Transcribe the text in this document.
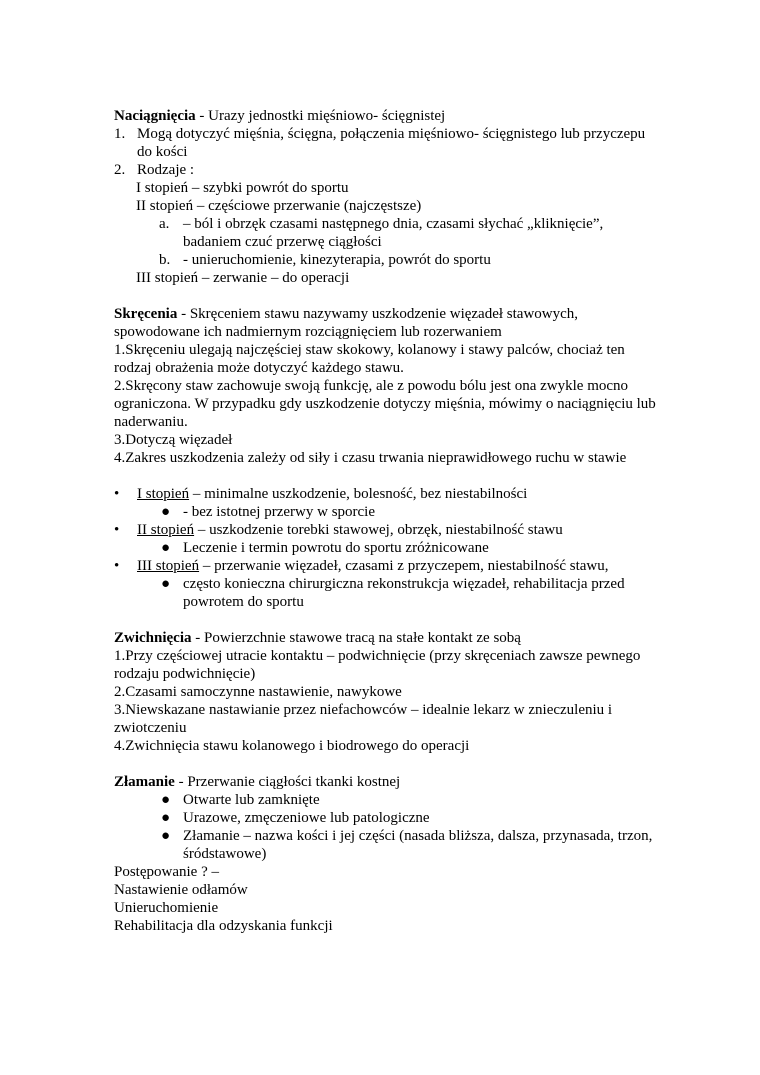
Naciągnięcia - Urazy jednostki mięśniowo- ścięgnistej
1. Mogą dotyczyć mięśnia, ścięgna, połączenia mięśniowo- ścięgnistego lub przyczepu
do kości
2. Rodzaje :
I stopień – szybki powrót do sportu
II stopień – częściowe przerwanie (najczęstsze)
a. – ból i obrzęk czasami następnego dnia, czasami słychać „kliknięcie”,
badaniem czuć przerwę ciągłości
b. - unieruchomienie, kinezyterapia, powrót do sportu
III stopień – zerwanie – do operacji
Skręcenia - Skręceniem stawu nazywamy uszkodzenie więzadeł stawowych,
spowodowane ich nadmiernym rozciągnięciem lub rozerwaniem
1.Skręceniu ulegają najczęściej staw skokowy, kolanowy i stawy palców, chociaż ten
rodzaj obrażenia może dotyczyć każdego stawu.
2.Skręcony staw zachowuje swoją funkcję, ale z powodu bólu jest ona zwykle mocno
ograniczona. W przypadku gdy uszkodzenie dotyczy mięśnia, mówimy o naciągnięciu lub
naderwaniu.
3.Dotyczą więzadeł
4.Zakres uszkodzenia zależy od siły i czasu trwania nieprawidłowego ruchu w stawie
• I stopień – minimalne uszkodzenie, bolesność, bez niestabilności
● - bez istotnej przerwy w sporcie
• II stopień – uszkodzenie torebki stawowej, obrzęk, niestabilność stawu
● Leczenie i termin powrotu do sportu zróżnicowane
• III stopień – przerwanie więzadeł, czasami z przyczepem, niestabilność stawu,
● często konieczna chirurgiczna rekonstrukcja więzadeł, rehabilitacja przed
powrotem do sportu
Zwichnięcia - Powierzchnie stawowe tracą na stałe kontakt ze sobą
1.Przy częściowej utracie kontaktu – podwichnięcie (przy skręceniach zawsze pewnego
rodzaju podwichnięcie)
2.Czasami samoczynne nastawienie, nawykowe
3.Niewskazane nastawianie przez niefachowców – idealnie lekarz w znieczuleniu i
zwiotczeniu
4.Zwichnięcia stawu kolanowego i biodrowego do operacji
Złamanie - Przerwanie ciągłości tkanki kostnej
● Otwarte lub zamknięte
● Urazowe, zmęczeniowe lub patologiczne
● Złamanie – nazwa kości i jej części (nasada bliższa, dalsza, przynasada, trzon,
śródstawowe)
Postępowanie ? –
Nastawienie odłamów
Unieruchomienie
Rehabilitacja dla odzyskania funkcji
